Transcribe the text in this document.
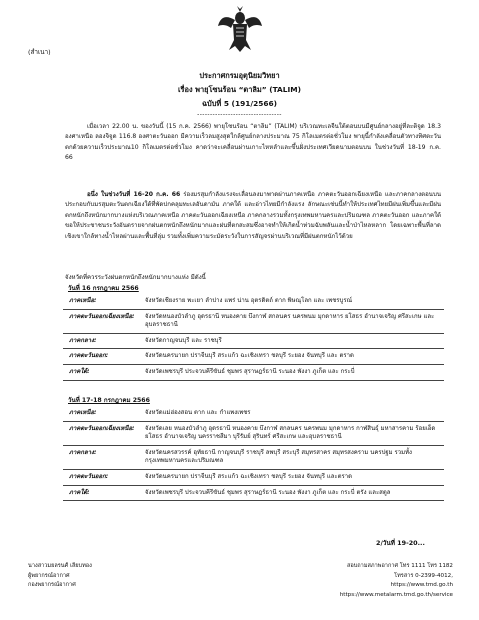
(สำเนา)
ประกาศกรมอุตุนิยมวิทยา
เรื่อง พายุโซนร้อน “ตาลิม” (TALIM)
ฉบับที่ 5 (191/2566)
---------------------------------
เมื่อเวลา 22.00 น. ของวันนี้ (15 ก.ค. 2566) พายุโซนร้อน “ตาลิม” (TALIM) บริเวณทะเลจีนใต้ตอนบนมีศูนย์กลางอยู่ที่ละติจูด 18.3 องศาเหนือ ลองจิจูด 116.8 องศาตะวันออก มีความเร็วลมสูงสุดใกล้ศูนย์กลางประมาณ 75 กิโลเมตรต่อชั่วโมง พายุนี้กำลังเคลื่อนตัวทางทิศตะวันตกด้วยความเร็วประมาณ10 กิโลเมตรต่อชั่วโมง คาดว่าจะเคลื่อนผ่านเกาะไหหลำและขึ้นฝั่งประเทศเวียดนามตอนบน ในช่วงวันที่ 18-19 ก.ค. 66
อนึ่ง ในช่วงวันที่ 16-20 ก.ค. 66 ร่องมรสุมกำลังแรงจะเลื่อนลงมาพาดผ่านภาคเหนือ ภาคตะวันออกเฉียงเหนือ และภาคกลางตอนบน ประกอบกับมรสุมตะวันตกเฉียงใต้ที่พัดปกคลุมทะเลอันดามัน ภาคใต้ และอ่าวไทยมีกำลังแรง ลักษณะเช่นนี้ทำให้ประเทศไทยมีฝนเพิ่มขึ้นและมีฝนตกหนักถึงหนักมากบางแห่งบริเวณภาคเหนือ ภาคตะวันออกเฉียงเหนือ ภาคกลางรวมทั้งกรุงเทพมหานครและปริมณฑล ภาคตะวันออก และภาคใต้ ขอให้ประชาชนระวังอันตรายจากฝนตกหนักถึงหนักมากและฝนที่ตกสะสมซึ่งอาจทำให้เกิดน้ำท่วมฉับพลันและน้ำป่าไหลหลาก โดยเฉพาะพื้นที่ลาดเชิงเขาใกล้ทางน้ำไหลผ่านและพื้นที่ลุ่ม รวมทั้งเพิ่มความระมัดระวังในการสัญจรผ่านบริเวณที่มีฝนตกหนักไว้ด้วย
จังหวัดที่ควรระวังฝนตกหนักถึงหนักมากบางแห่ง มีดังนี้
วันที่ 16 กรกฎาคม 2566
ภาคเหนือ:	จังหวัดเชียงราย พะเยา ลำปาง แพร่ น่าน อุตรดิตถ์ ตาก พิษณุโลก และ เพชรบูรณ์
ภาคตะวันออกเฉียงเหนือ:	จังหวัดหนองบัวลำภู อุดรธานี หนองคาย บึงกาฬ สกลนคร นครพนม มุกดาหาร ยโสธร อำนาจเจริญ ศรีสะเกษ และอุบลราชธานี
ภาคกลาง:	จังหวัดกาญจนบุรี และ ราชบุรี
ภาคตะวันออก:	จังหวัดนครนายก ปราจีนบุรี สระแก้ว ฉะเชิงเทรา ชลบุรี ระยอง จันทบุรี และ ตราด
ภาคใต้:	จังหวัดเพชรบุรี ประจวบคีรีขันธ์ ชุมพร สุราษฎร์ธานี ระนอง พังงา ภูเก็ต และ กระบี่
วันที่ 17-18 กรกฎาคม 2566
ภาคเหนือ:	จังหวัดแม่ฮ่องสอน ตาก และ กำแพงเพชร
ภาคตะวันออกเฉียงเหนือ:	จังหวัดเลย หนองบัวลำภู อุดรธานี หนองคาย บึงกาฬ สกลนคร นครพนม มุกดาหาร กาฬสินธุ์ มหาสารคาม ร้อยเอ็ด ยโสธร อำนาจเจริญ นครราชสีมา บุรีรัมย์ สุรินทร์ ศรีสะเกษ และอุบลราชธานี
ภาคกลาง:	จังหวัดนครสวรรค์ อุทัยธานี กาญจนบุรี ราชบุรี ลพบุรี สระบุรี สมุทรสาคร สมุทรสงคราม นครปฐม รวมทั้งกรุงเทพมหานครและปริมณฑล
ภาคตะวันออก:	จังหวัดนครนายก ปราจีนบุรี สระแก้ว ฉะเชิงเทรา ชลบุรี ระยอง จันทบุรี และตราด
ภาคใต้:	จังหวัดเพชรบุรี ประจวบคีรีขันธ์ ชุมพร สุราษฎร์ธานี ระนอง พังงา ภูเก็ต และ กระบี่ ตรัง และสตูล
2/วันที่ 19-20...
นางสาวมยลรนศ์ เลียบทอง
ผู้พยากรณ์อากาศ
กองพยากรณ์อากาศ
สอบถามสภาพอากาศ โทร 1111 โทร 1182
โทรสาร 0-2399-4012, https://www.tmd.go.th
https://www.metalarm.tmd.go.th/service
